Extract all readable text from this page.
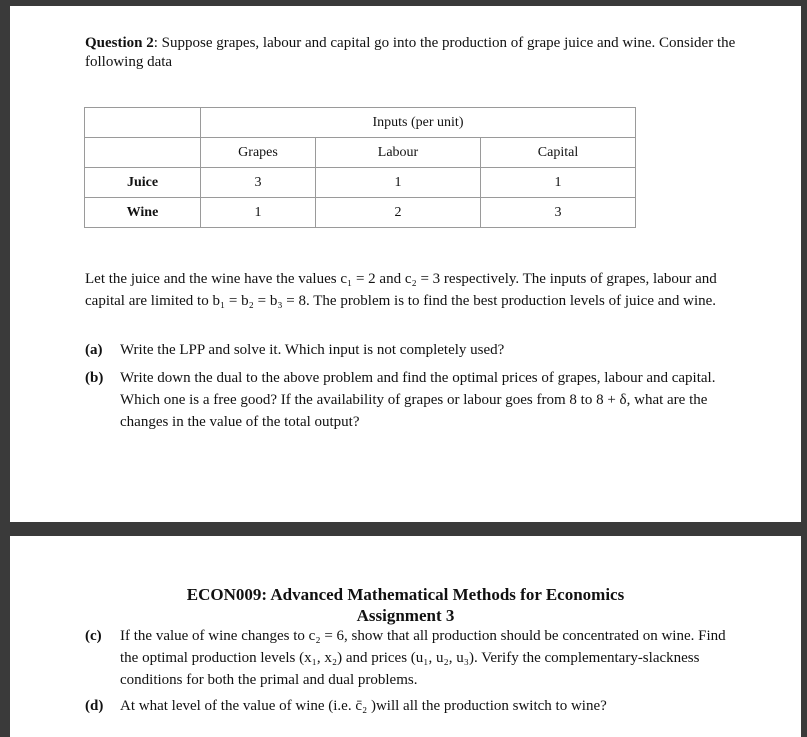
Question 2: Suppose grapes, labour and capital go into the production of grape juice and wine. Consider the following data
	Inputs (per unit)		
	Grapes	Labour	Capital
Juice	3	1	1
Wine	1	2	3
Let the juice and the wine have the values c₁ = 2 and c₂ = 3 respectively. The inputs of grapes, labour and capital are limited to b₁ = b₂ = b₃ = 8. The problem is to find the best production levels of juice and wine.
(a) Write the LPP and solve it. Which input is not completely used?
(b) Write down the dual to the above problem and find the optimal prices of grapes, labour and capital. Which one is a free good? If the availability of grapes or labour goes from 8 to 8 + δ, what are the changes in the value of the total output?
ECON009: Advanced Mathematical Methods for Economics
Assignment 3
(c) If the value of wine changes to c₂ = 6, show that all production should be concentrated on wine. Find the optimal production levels (x₁, x₂) and prices (u₁, u₂, u₃). Verify the complementary-slackness conditions for both the primal and dual problems.
(d) At what level of the value of wine (i.e. c̄₂ )will all the production switch to wine?
